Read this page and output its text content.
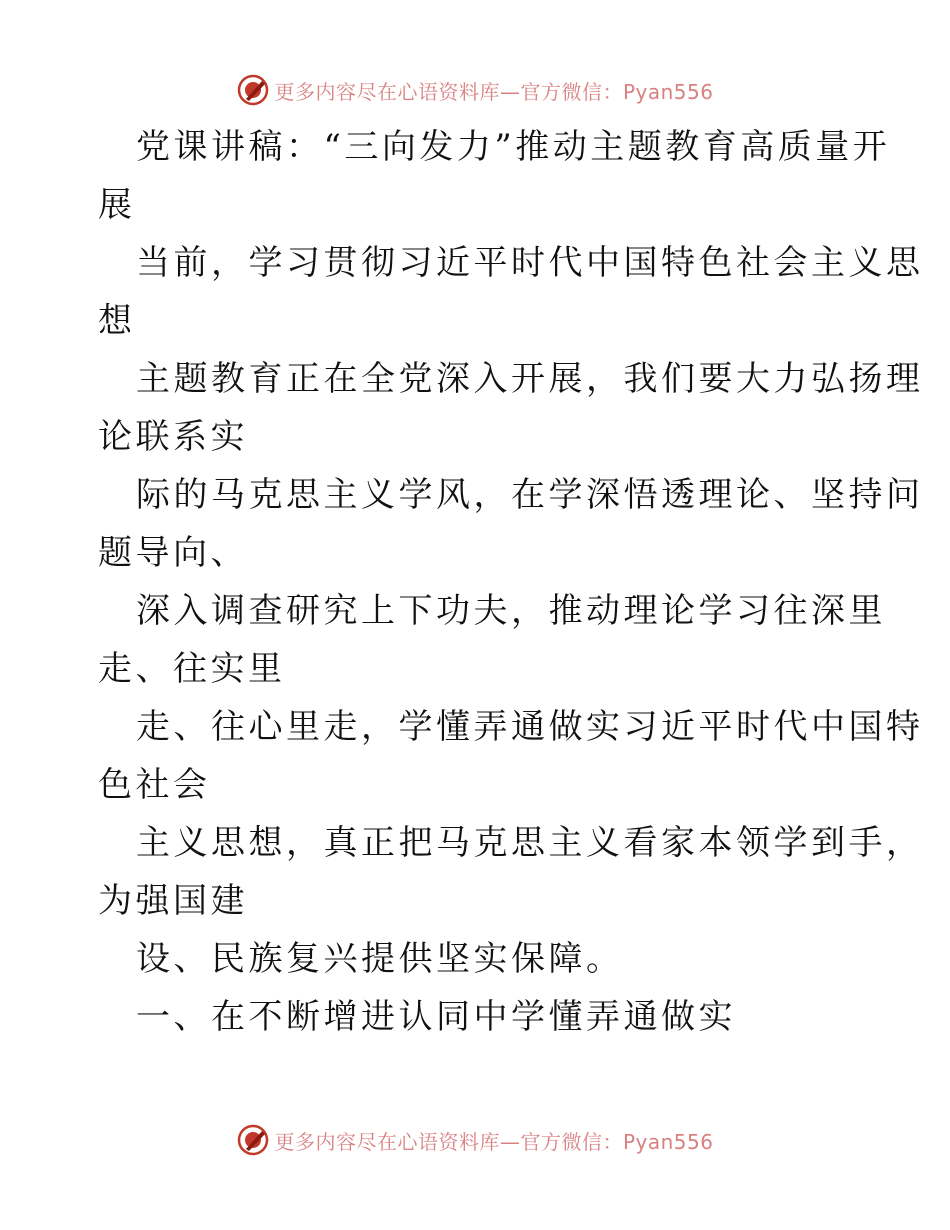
更多内容尽在心语资料库—官方微信：Pyan556
党课讲稿：“三向发力”推动主题教育高质量开
展
当前，学习贯彻习近平时代中国特色社会主义思
想
主题教育正在全党深入开展，我们要大力弘扬理
论联系实
际的马克思主义学风，在学深悟透理论、坚持问
题导向、
深入调查研究上下功夫，推动理论学习往深里
走、往实里
走、往心里走，学懂弄通做实习近平时代中国特
色社会
主义思想，真正把马克思主义看家本领学到手，
为强国建
设、民族复兴提供坚实保障。
一、在不断增进认同中学懂弄通做实
更多内容尽在心语资料库—官方微信：Pyan556
